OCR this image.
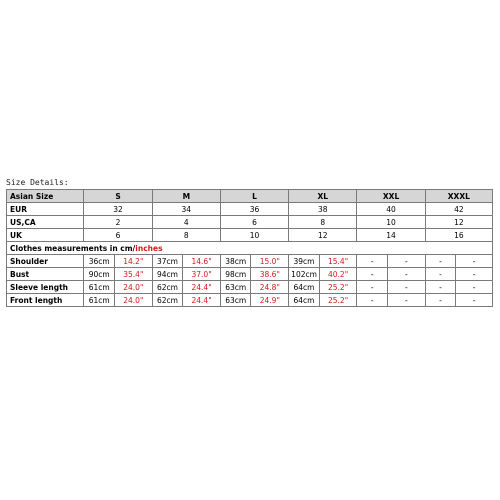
Size Details:
Asian Size	S		M		L		XL		XXL		XXXL	
EUR	32		34		36		38		40		42	
US,CA	2		4		6		8		10		12	
UK	6		8		10		12		14		16	
Clothes measurements in cm/inches												
Shoulder	36cm	14.2"	37cm	14.6"	38cm	15.0"	39cm	15.4"	-	-	-	-
Bust	90cm	35.4"	94cm	37.0"	98cm	38.6"	102cm	40.2"	-	-	-	-
Sleeve length	61cm	24.0"	62cm	24.4"	63cm	24.8"	64cm	25.2"	-	-	-	-
Front length	61cm	24.0"	62cm	24.4"	63cm	24.9"	64cm	25.2"	-	-	-	-
